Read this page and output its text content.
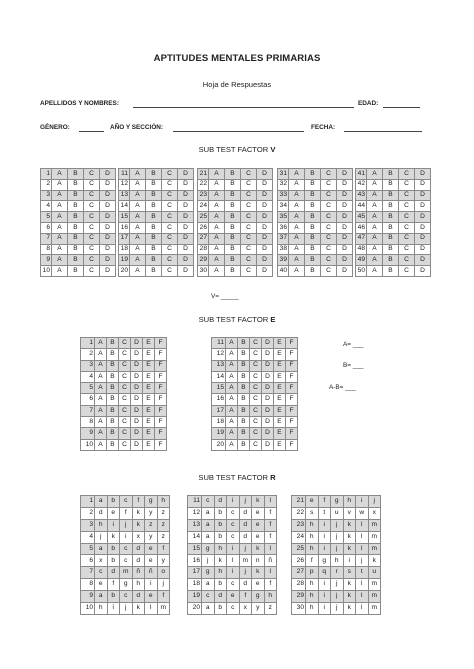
APTITUDES MENTALES PRIMARIAS
Hoja de Respuestas
APELLIDOS Y NOMBRES:	EDAD:
GÉNERO:	AÑO Y SECCIÓN:	FECHA:
SUB TEST FACTOR V
1	A	B	C	D
2	A	B	C	D
3	A	B	C	D
4	A	B	C	D
5	A	B	C	D
6	A	B	C	D
7	A	B	C	D
8	A	B	C	D
9	A	B	C	D
10	A	B	C	D
11	A	B	C	D
12	A	B	C	D
13	A	B	C	D
14	A	B	C	D
15	A	B	C	D
16	A	B	C	D
17	A	B	C	D
18	A	B	C	D
19	A	B	C	D
20	A	B	C	D
21	A	B	C	D
22	A	B	C	D
23	A	B	C	D
24	A	B	C	D
25	A	B	C	D
26	A	B	C	D
27	A	B	C	D
28	A	B	C	D
29	A	B	C	D
30	A	B	C	D
31	A	B	C	D
32	A	B	C	D
33	A	B	C	D
34	A	B	C	D
35	A	B	C	D
36	A	B	C	D
37	A	B	C	D
38	A	B	C	D
39	A	B	C	D
40	A	B	C	D
41	A	B	C	D
42	A	B	C	D
43	A	B	C	D
44	A	B	C	D
45	A	B	C	D
46	A	B	C	D
47	A	B	C	D
48	A	B	C	D
49	A	B	C	D
50	A	B	C	D
V= _____
SUB TEST FACTOR E
1	A	B	C	D	E	F
2	A	B	C	D	E	F
3	A	B	C	D	E	F
4	A	B	C	D	E	F
5	A	B	C	D	E	F
6	A	B	C	D	E	F
7	A	B	C	D	E	F
8	A	B	C	D	E	F
9	A	B	C	D	E	F
10	A	B	C	D	E	F
11	A	B	C	D	E	F
12	A	B	C	D	E	F
13	A	B	C	D	E	F
14	A	B	C	D	E	F
15	A	B	C	D	E	F
16	A	B	C	D	E	F
17	A	B	C	D	E	F
18	A	B	C	D	E	F
19	A	B	C	D	E	F
20	A	B	C	D	E	F
A= ___
B= ___
A-B= ___
SUB TEST FACTOR R
1	a	b	c	f	g	h
2	d	e	f	k	y	z
3	h	i	j	k	z	z
4	j	k	i	x	y	z
5	a	b	c	d	e	f
6	x	b	c	d	e	y
7	c	d	m	ñ	ñ	o
8	e	f	g	h	i	j
9	a	b	c	d	e	f
10	h	i	j	k	l	m
11	c	d	i	j	k	l
12	a	b	c	d	e	f
13	a	b	c	d	e	f
14	a	b	c	d	e	f
15	g	h	i	j	k	l
16	j	k	l	m	n	ñ
17	g	h	i	j	k	l
18	a	b	c	d	e	f
19	c	d	e	f	g	h
20	a	b	c	x	y	z
21	e	f	g	h	i	j
22	s	t	u	v	w	x
23	h	i	j	k	l	m
24	h	i	j	k	l	m
25	h	i	j	k	l	m
26	f	g	h	i	j	k
27	p	q	r	s	t	u
28	h	i	j	k	l	m
29	h	i	j	k	l	m
30	h	i	j	k	l	m
